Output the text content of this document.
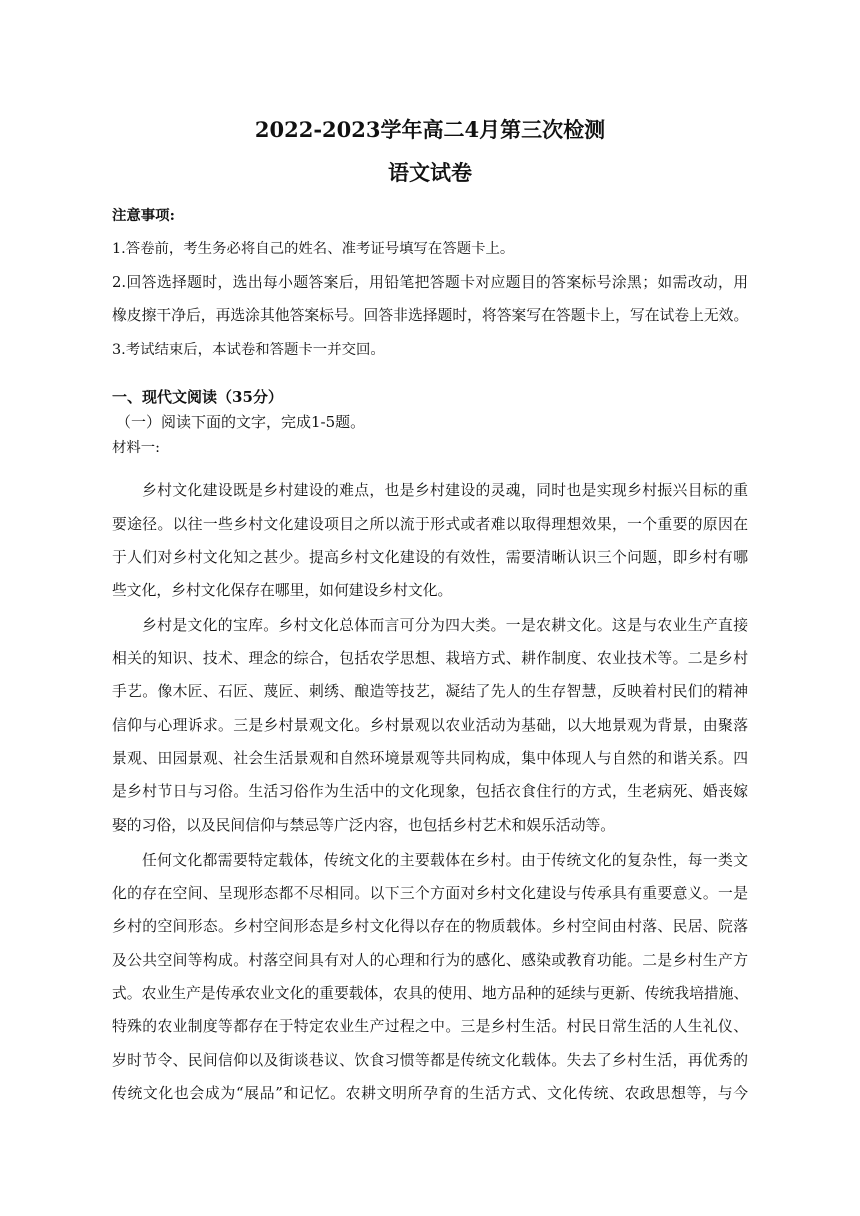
2022-2023学年高二4月第三次检测
语文试卷
注意事项:
1.答卷前，考生务必将自己的姓名、准考证号填写在答题卡上。
2.回答选择题时，选出每小题答案后，用铅笔把答题卡对应题目的答案标号涂黑；如需改动，用
橡皮擦干净后，再选涂其他答案标号。回答非选择题时，将答案写在答题卡上，写在试卷上无效。
3.考试结束后，本试卷和答题卡一并交回。
一、现代文阅读（35分）
（一）阅读下面的文字，完成1-5题。
材料一:
乡村文化建设既是乡村建设的难点，也是乡村建设的灵魂，同时也是实现乡村振兴目标的重
要途径。以往一些乡村文化建设项目之所以流于形式或者难以取得理想效果，一个重要的原因在
于人们对乡村文化知之甚少。提高乡村文化建设的有效性，需要清晰认识三个问题，即乡村有哪
些文化，乡村文化保存在哪里，如何建设乡村文化。
乡村是文化的宝库。乡村文化总体而言可分为四大类。一是农耕文化。这是与农业生产直接
相关的知识、技术、理念的综合，包括农学思想、栽培方式、耕作制度、农业技术等。二是乡村
手艺。像木匠、石匠、蔑匠、刺绣、酿造等技艺，凝结了先人的生存智慧，反映着村民们的精神
信仰与心理诉求。三是乡村景观文化。乡村景观以农业活动为基础，以大地景观为背景，由聚落
景观、田园景观、社会生活景观和自然环境景观等共同构成，集中体现人与自然的和谐关系。四
是乡村节日与习俗。生活习俗作为生活中的文化现象，包括衣食住行的方式，生老病死、婚丧嫁
娶的习俗，以及民间信仰与禁忌等广泛内容，也包括乡村艺术和娱乐活动等。
任何文化都需要特定载体，传统文化的主要载体在乡村。由于传统文化的复杂性，每一类文
化的存在空间、呈现形态都不尽相同。以下三个方面对乡村文化建设与传承具有重要意义。一是
乡村的空间形态。乡村空间形态是乡村文化得以存在的物质载体。乡村空间由村落、民居、院落
及公共空间等构成。村落空间具有对人的心理和行为的感化、感染或教育功能。二是乡村生产方
式。农业生产是传承农业文化的重要载体，农具的使用、地方品种的延续与更新、传统我培措施、
特殊的农业制度等都存在于特定农业生产过程之中。三是乡村生活。村民日常生活的人生礼仪、
岁时节令、民间信仰以及街谈巷议、饮食习惯等都是传统文化载体。失去了乡村生活，再优秀的
传统文化也会成为“展品”和记忆。农耕文明所孕育的生活方式、文化传统、农政思想等，与今
